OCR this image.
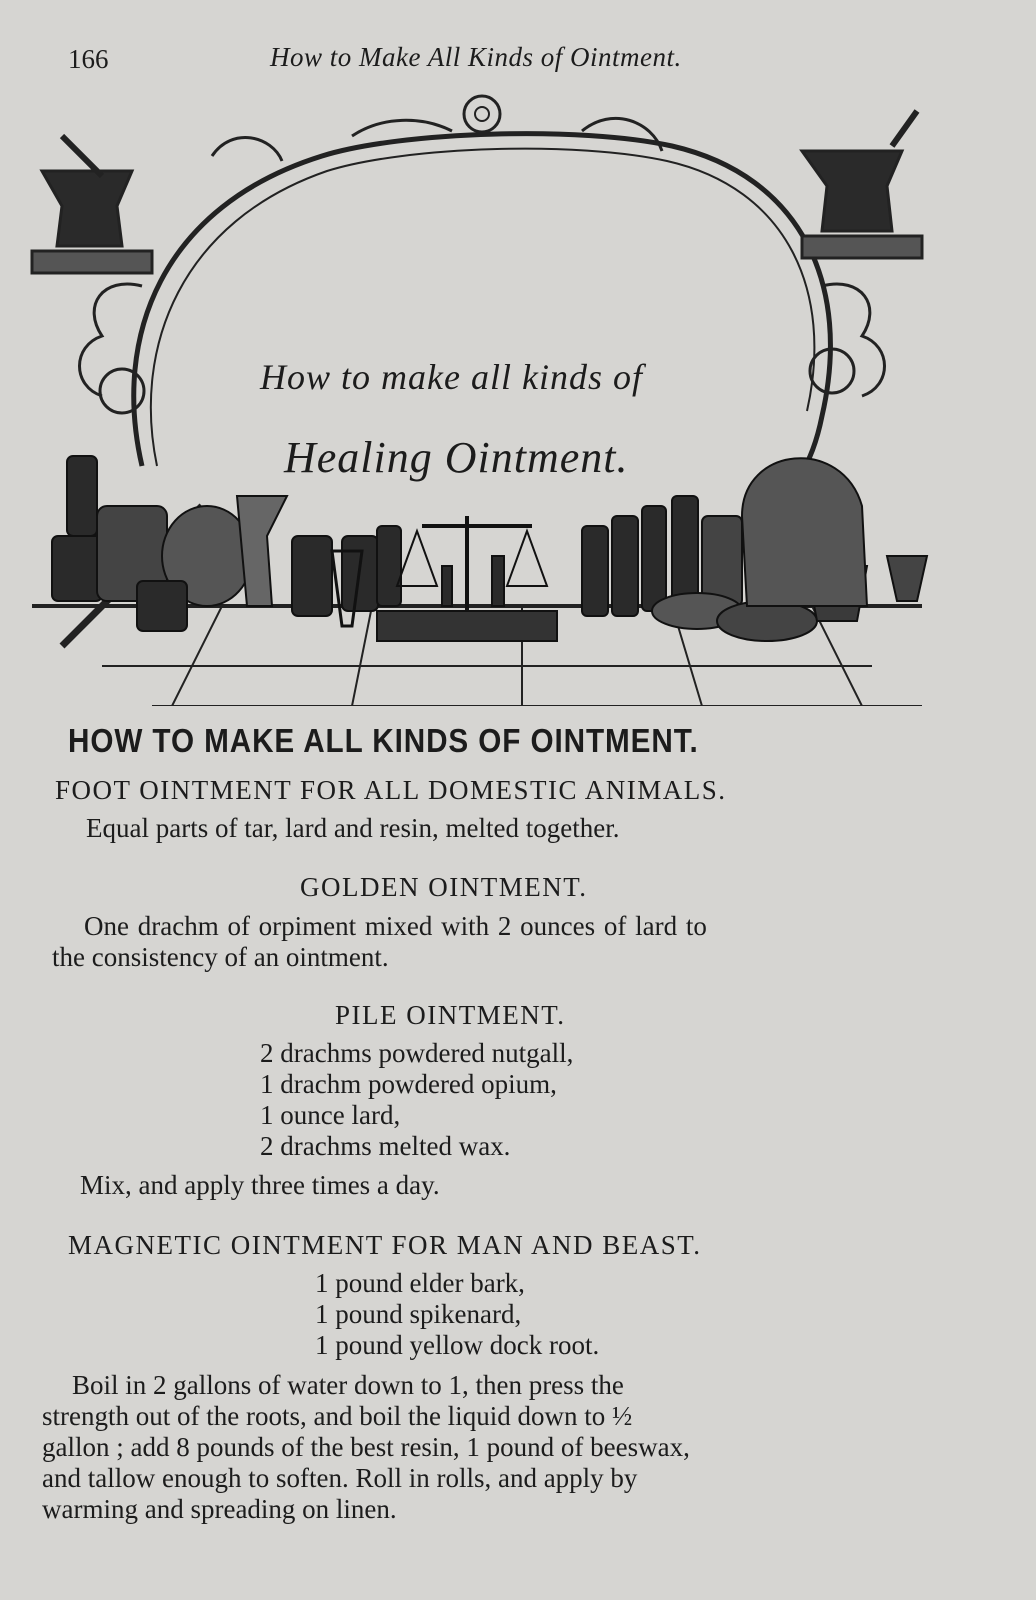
166	How to Make All Kinds of Ointment.
How to make all kinds of
Healing Ointment.
HOW TO MAKE ALL KINDS OF OINTMENT.
FOOT OINTMENT FOR ALL DOMESTIC ANIMALS.
Equal parts of tar, lard and resin, melted together.
GOLDEN OINTMENT.
One drachm of orpiment mixed with 2 ounces of lard to
the consistency of an ointment.
PILE OINTMENT.
2 drachms powdered nutgall,
1 drachm powdered opium,
1 ounce lard,
2 drachms melted wax.
Mix, and apply three times a day.
MAGNETIC OINTMENT FOR MAN AND BEAST.
1 pound elder bark,
1 pound spikenard,
1 pound yellow dock root.
Boil in 2 gallons of water down to 1, then press the
strength out of the roots, and boil the liquid down to ½
gallon ; add 8 pounds of the best resin, 1 pound of beeswax,
and tallow enough to soften. Roll in rolls, and apply by
warming and spreading on linen.
